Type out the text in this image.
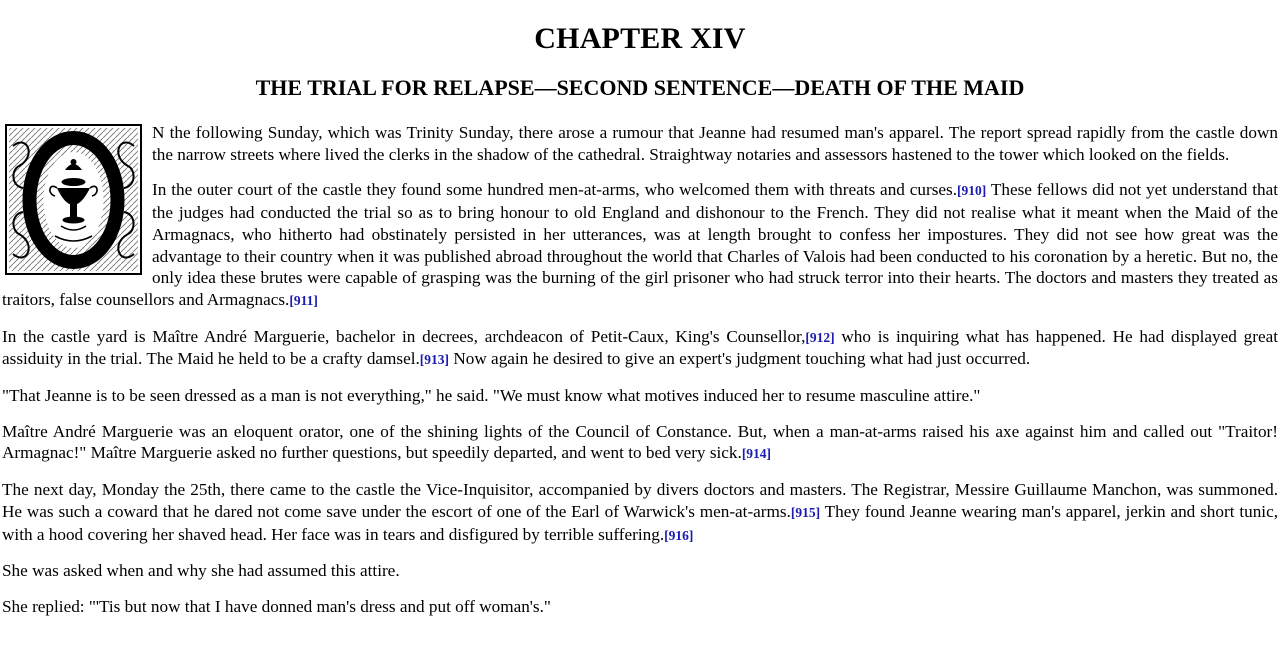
CHAPTER XIV
THE TRIAL FOR RELAPSE—SECOND SENTENCE—DEATH OF THE MAID

N the following Sunday, which was Trinity Sunday, there arose a rumour that Jeanne had resumed man's apparel. The report spread rapidly from the castle down the narrow streets where lived the clerks in the shadow of the cathedral. Straightway notaries and assessors hastened to the tower which looked on the fields.

In the outer court of the castle they found some hundred men-at-arms, who welcomed them with threats and curses.[910] These fellows did not yet understand that the judges had conducted the trial so as to bring honour to old England and dishonour to the French. They did not realise what it meant when the Maid of the Armagnacs, who hitherto had obstinately persisted in her utterances, was at length brought to confess her impostures. They did not see how great was the advantage to their country when it was published abroad throughout the world that Charles of Valois had been conducted to his coronation by a heretic. But no, the only idea these brutes were capable of grasping was the burning of the girl prisoner who had struck terror into their hearts. The doctors and masters they treated as traitors, false counsellors and Armagnacs.[911]

In the castle yard is Maître André Marguerie, bachelor in decrees, archdeacon of Petit-Caux, King's Counsellor,[912] who is inquiring what has happened. He had displayed great assiduity in the trial. The Maid he held to be a crafty damsel.[913] Now again he desired to give an expert's judgment touching what had just occurred.

"That Jeanne is to be seen dressed as a man is not everything," he said. "We must know what motives induced her to resume masculine attire."

Maître André Marguerie was an eloquent orator, one of the shining lights of the Council of Constance. But, when a man-at-arms raised his axe against him and called out "Traitor! Armagnac!" Maître Marguerie asked no further questions, but speedily departed, and went to bed very sick.[914]

The next day, Monday the 25th, there came to the castle the Vice-Inquisitor, accompanied by divers doctors and masters. The Registrar, Messire Guillaume Manchon, was summoned. He was such a coward that he dared not come save under the escort of one of the Earl of Warwick's men-at-arms.[915] They found Jeanne wearing man's apparel, jerkin and short tunic, with a hood covering her shaved head. Her face was in tears and disfigured by terrible suffering.[916]

She was asked when and why she had assumed this attire.

She replied: "'Tis but now that I have donned man's dress and put off woman's."
